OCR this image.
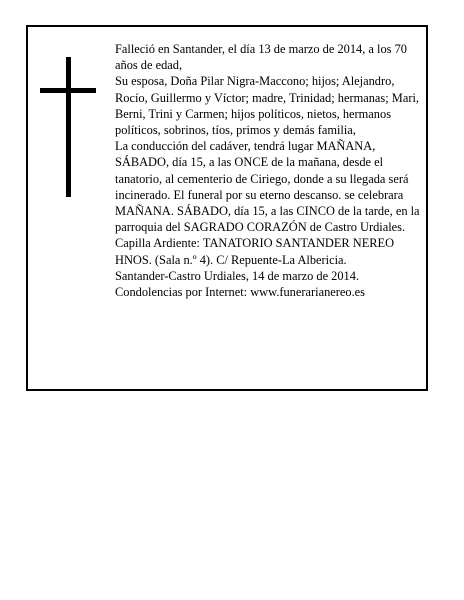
Falleció en Santander, el día 13 de marzo de 2014, a los 70 años de edad,

Su esposa, Doña Pilar Nigra-Maccono; hijos; Alejandro, Rocío, Guillermo y Víctor; madre, Trinidad; hermanas; Mari, Berni, Trini y Carmen; hijos políticos, nietos, hermanos políticos, sobrinos, tíos, primos y demás familia,

La conducción del cadáver, tendrá lugar MAÑANA, SÁBADO, día 15, a las ONCE de la mañana, desde el tanatorio, al cementerio de Ciriego, donde a su llegada será incinerado. El funeral por su eterno descanso. se celebrara MAÑANA. SÁBADO, día 15, a las CINCO de la tarde, en la parroquia del SAGRADO CORAZÓN de Castro Urdiales. Capilla Ardiente: TANATORIO SANTANDER NEREO HNOS. (Sala n.º 4). C/ Repuente-La Albericia.

Santander-Castro Urdiales, 14 de marzo de 2014.

Condolencias por Internet: www.funerarianereo.es
